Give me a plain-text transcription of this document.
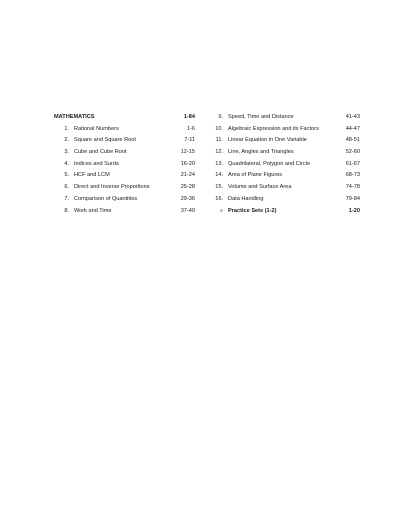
MATHEMATICS	1-84
1. Rational Numbers	1-6
2. Square and Square Root	7-11
3. Cube and Cube Root	12-15
4. Indices and Surds	16-20
5. HCF and LCM	21-24
6. Direct and Inverse Proportions	25-28
7. Comparison of Quantities	29-36
8. Work and Time	37-40
9. Speed, Time and Distance	41-43
10. Algebraic Expression and its Factors	44-47
11. Linear Equation in One Variable	48-51
12. Line, Angles and Triangles	52-60
13. Quadrilateral, Polygon and Circle	61-67
14. Area of Plane Figures	68-73
15. Volume and Surface Area	74-78
16. Data Handling	79-84
» Practice Sets (1-2)	1-20
